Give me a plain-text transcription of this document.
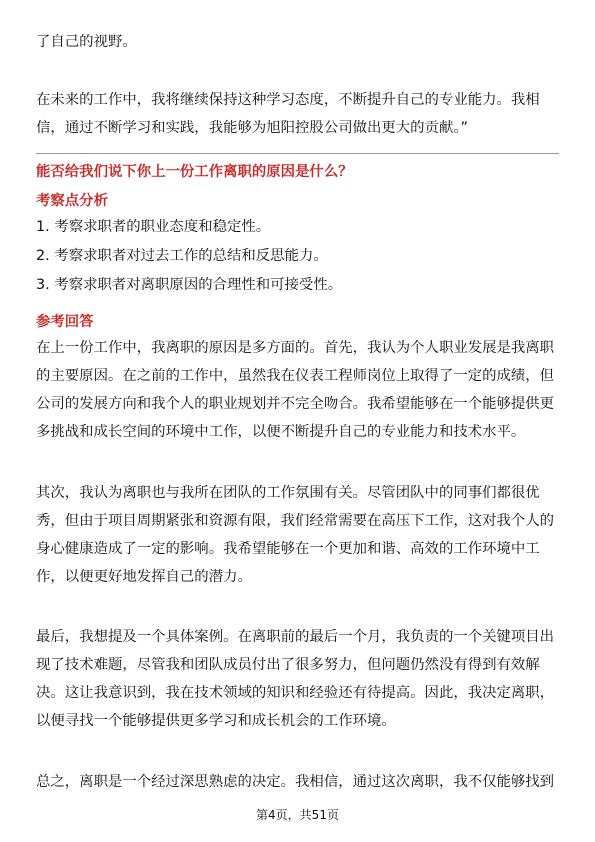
了自己的视野。
在未来的工作中，我将继续保持这种学习态度，不断提升自己的专业能力。我相
信，通过不断学习和实践，我能够为旭阳控股公司做出更大的贡献。”
能否给我们说下你上一份工作离职的原因是什么？
考察点分析
1. 考察求职者的职业态度和稳定性。
2. 考察求职者对过去工作的总结和反思能力。
3. 考察求职者对离职原因的合理性和可接受性。
参考回答
在上一份工作中，我离职的原因是多方面的。首先，我认为个人职业发展是我离职
的主要原因。在之前的工作中，虽然我在仪表工程师岗位上取得了一定的成绩，但
公司的发展方向和我个人的职业规划并不完全吻合。我希望能够在一个能够提供更
多挑战和成长空间的环境中工作，以便不断提升自己的专业能力和技术水平。
其次，我认为离职也与我所在团队的工作氛围有关。尽管团队中的同事们都很优
秀，但由于项目周期紧张和资源有限，我们经常需要在高压下工作，这对我个人的
身心健康造成了一定的影响。我希望能够在一个更加和谐、高效的工作环境中工
作，以便更好地发挥自己的潜力。
最后，我想提及一个具体案例。在离职前的最后一个月，我负责的一个关键项目出
现了技术难题，尽管我和团队成员付出了很多努力，但问题仍然没有得到有效解
决。这让我意识到，我在技术领域的知识和经验还有待提高。因此，我决定离职，
以便寻找一个能够提供更多学习和成长机会的工作环境。
总之，离职是一个经过深思熟虑的决定。我相信，通过这次离职，我不仅能够找到
第4页，共51页
